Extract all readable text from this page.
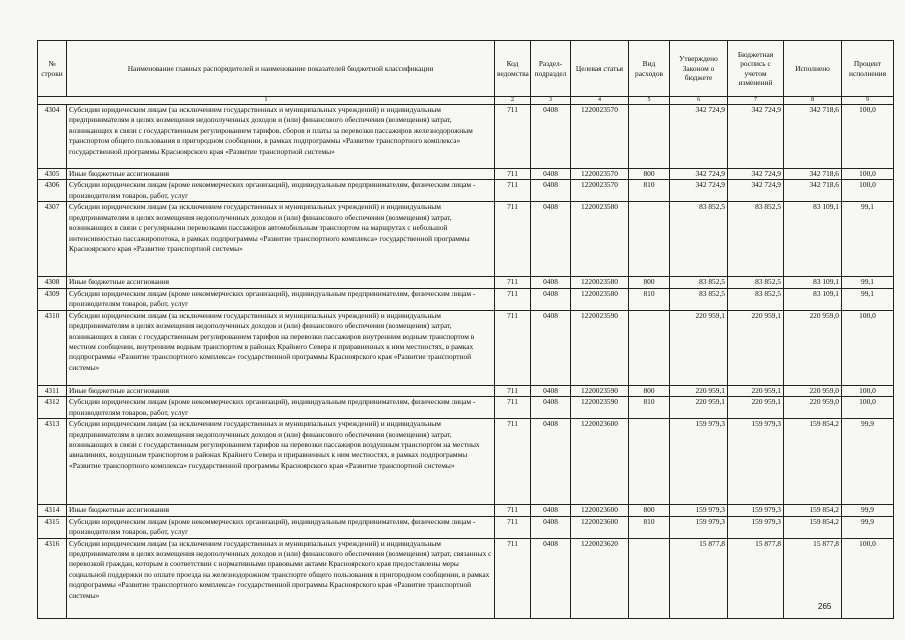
№ строки	Наименование главных распорядителей и наименование показателей бюджетной классификации	Код ведомства	Раздел- подраздел	Целевая статья	Вид расходов	Утверждено Законом о бюджете	Бюджетная роспись с учетом изменений	Исполнено	Процент исполнения
1		2	3	4	5	6	7	8	9
4304	Субсидии юридическим лицам (за исключением государственных и муниципальных учреждений) и индивидуальным предпринимателям в целях возмещения недополученных доходов и (или) финансового обеспечения (возмещения) затрат, возникающих в связи с государственным регулированием тарифов, сборов и платы за перевозки пассажиров железнодорожным транспортом общего пользования в пригородном сообщении, в рамках подпрограммы «Развитие транспортного комплекса» государственной программы Красноярского края «Развитие транспортной системы»	711	0408	1220023570		342 724,9	342 724,9	342 718,6	100,0
4305	Иные бюджетные ассигнования	711	0408	1220023570	800	342 724,9	342 724,9	342 718,6	100,0
4306	Субсидии юридическим лицам (кроме некоммерческих организаций), индивидуальным предпринимателям, физическим лицам - производителям товаров, работ, услуг	711	0408	1220023570	810	342 724,9	342 724,9	342 718,6	100,0
4307	Субсидии юридическим лицам (за исключением государственных и муниципальных учреждений) и индивидуальным предпринимателям в целях возмещения недополученных доходов и (или) финансового обеспечения (возмещения) затрат, возникающих в связи с регулярными перевозками пассажиров автомобильным транспортом на маршрутах с небольшой интенсивностью пассажиропотока, в рамках подпрограммы «Развитие транспортного комплекса» государственной программы Красноярского края «Развитие транспортной системы»	711	0408	1220023580		83 852,5	83 852,5	83 109,1	99,1
4308	Иные бюджетные ассигнования	711	0408	1220023580	800	83 852,5	83 852,5	83 109,1	99,1
4309	Субсидии юридическим лицам (кроме некоммерческих организаций), индивидуальным предпринимателям, физическим лицам - производителям товаров, работ, услуг	711	0408	1220023580	810	83 852,5	83 852,5	83 109,1	99,1
4310	Субсидии юридическим лицам (за исключением государственных и муниципальных учреждений) и индивидуальным предпринимателям в целях возмещения недополученных доходов и (или) финансового обеспечения (возмещения) затрат, возникающих в связи с государственным регулированием тарифов на перевозки пассажиров внутренним водным транспортом в местном сообщении, внутренним водным транспортом в районах Крайнего Севера и приравненных к ним местностях, в рамках подпрограммы «Развитие транспортного комплекса» государственной программы Красноярского края «Развитие транспортной системы»	711	0408	1220023590		220 959,1	220 959,1	220 959,0	100,0
4311	Иные бюджетные ассигнования	711	0408	1220023590	800	220 959,1	220 959,1	220 959,0	100,0
4312	Субсидии юридическим лицам (кроме некоммерческих организаций), индивидуальным предпринимателям, физическим лицам - производителям товаров, работ, услуг	711	0408	1220023590	810	220 959,1	220 959,1	220 959,0	100,0
4313	Субсидии юридическим лицам (за исключением государственных и муниципальных учреждений) и индивидуальным предпринимателям в целях возмещения недополученных доходов и (или) финансового обеспечения (возмещения) затрат, возникающих в связи с государственным регулированием тарифов на перевозки пассажиров воздушным транспортом на местных авиалиниях, воздушным транспортом в районах Крайнего Севера и приравненных к ним местностях, в рамках подпрограммы «Развитие транспортного комплекса» государственной программы Красноярского края «Развитие транспортной системы»	711	0408	1220023600		159 979,3	159 979,3	159 854,2	99,9
4314	Иные бюджетные ассигнования	711	0408	1220023600	800	159 979,3	159 979,3	159 854,2	99,9
4315	Субсидии юридическим лицам (кроме некоммерческих организаций), индивидуальным предпринимателям, физическим лицам - производителям товаров, работ, услуг	711	0408	1220023600	810	159 979,3	159 979,3	159 854,2	99,9
4316	Субсидии юридическим лицам (за исключением государственных и муниципальных учреждений) и индивидуальным предпринимателям в целях возмещения недополученных доходов и (или) финансового обеспечения (возмещения) затрат, связанных с перевозкой граждан, которым в соответствии с нормативными правовыми актами Красноярского края предоставлены меры социальной поддержки по оплате проезда на железнодорожном транспорте общего пользования в пригородном сообщении, в рамках подпрограммы «Развитие транспортного комплекса» государственной программы Красноярского края «Развитие транспортной системы»	711	0408	1220023620		15 877,8	15 877,8	15 877,8	100,0
265
